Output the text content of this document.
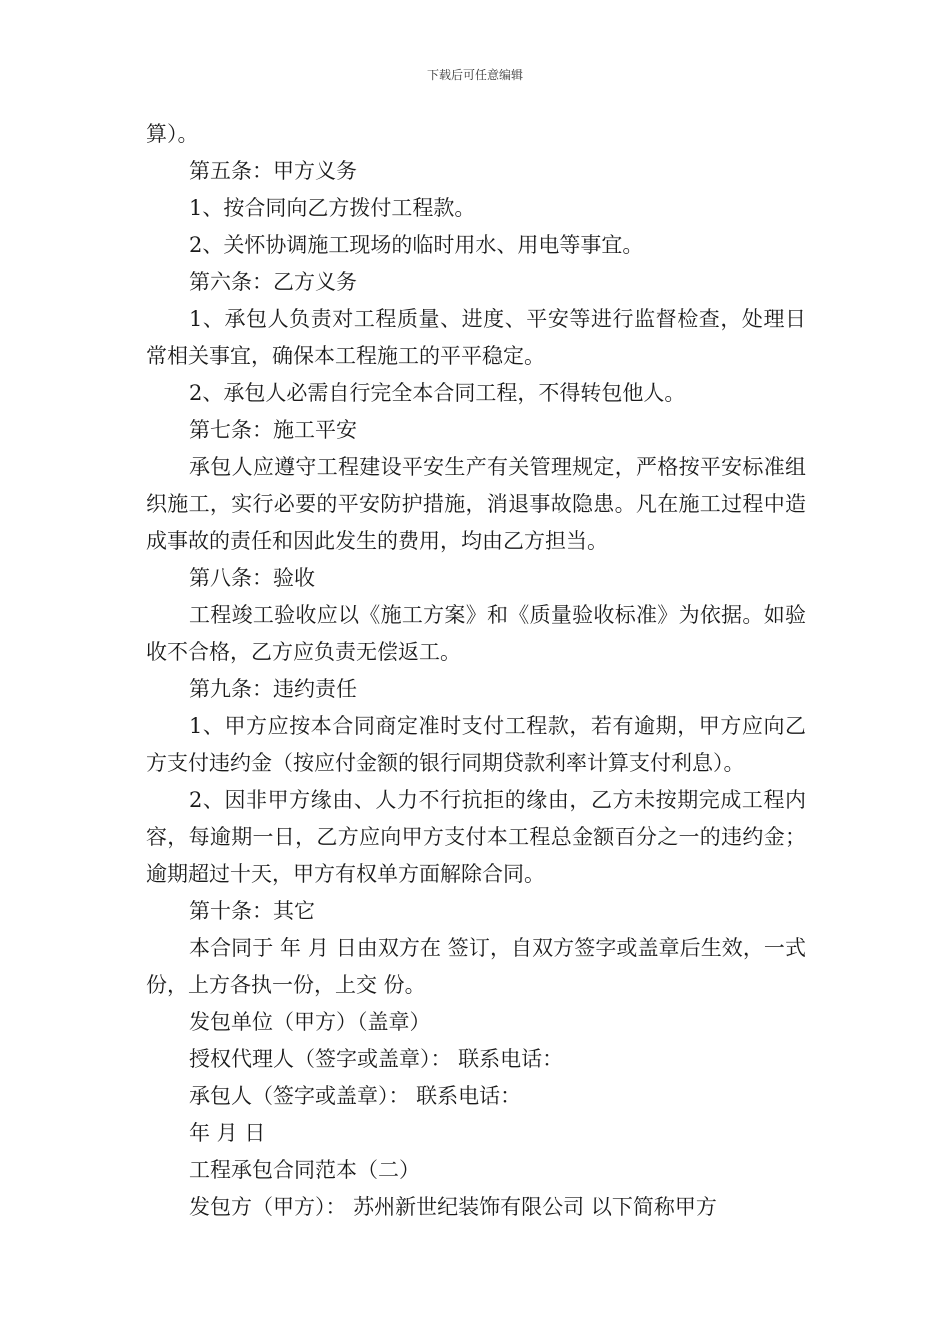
下载后可任意编辑

算）。

第五条：甲方义务

1、按合同向乙方拨付工程款。

2、关怀协调施工现场的临时用水、用电等事宜。

第六条：乙方义务

1、承包人负责对工程质量、进度、平安等进行监督检查，处理日常相关事宜，确保本工程施工的平平稳定。

2、承包人必需自行完全本合同工程，不得转包他人。

第七条：施工平安

承包人应遵守工程建设平安生产有关管理规定，严格按平安标准组织施工，实行必要的平安防护措施，消退事故隐患。凡在施工过程中造成事故的责任和因此发生的费用，均由乙方担当。

第八条：验收

工程竣工验收应以《施工方案》和《质量验收标准》为依据。如验收不合格，乙方应负责无偿返工。

第九条：违约责任

1、甲方应按本合同商定准时支付工程款，若有逾期，甲方应向乙方支付违约金（按应付金额的银行同期贷款利率计算支付利息）。

2、因非甲方缘由、人力不行抗拒的缘由，乙方未按期完成工程内容，每逾期一日，乙方应向甲方支付本工程总金额百分之一的违约金；逾期超过十天，甲方有权单方面解除合同。

第十条：其它

本合同于 年 月 日由双方在 签订，自双方签字或盖章后生效，一式 份，上方各执一份，上交 份。

发包单位（甲方）（盖章）

授权代理人（签字或盖章）： 联系电话：

承包人（签字或盖章）： 联系电话：

年 月 日

工程承包合同范本（二）

发包方（甲方）： 苏州新世纪装饰有限公司 以下简称甲方
